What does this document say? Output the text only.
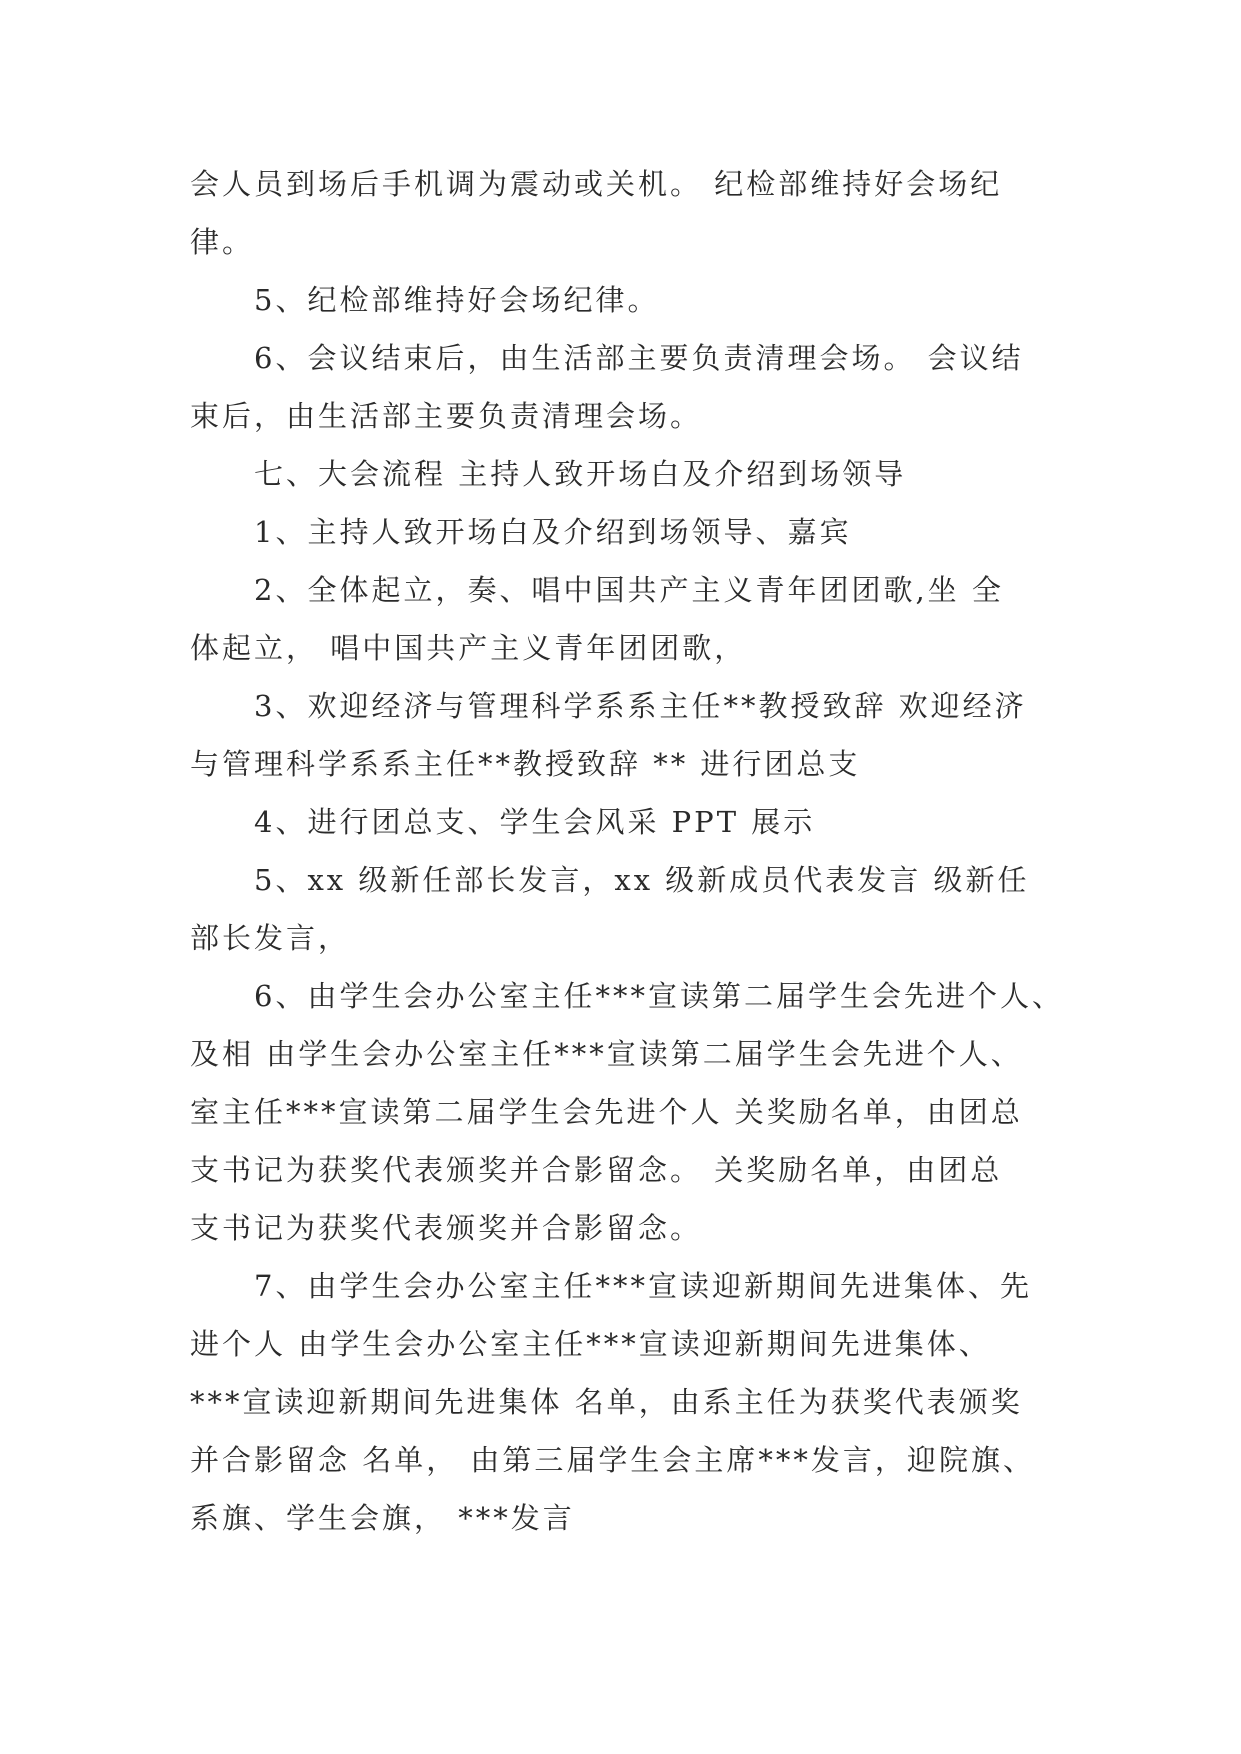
会人员到场后手机调为震动或关机。 纪检部维持好会场纪
律。
5、纪检部维持好会场纪律。
6、会议结束后，由生活部主要负责清理会场。 会议结
束后，由生活部主要负责清理会场。
七、大会流程 主持人致开场白及介绍到场领导
1、主持人致开场白及介绍到场领导、嘉宾
2、全体起立，奏、唱中国共产主义青年团团歌,坐 全
体起立， 唱中国共产主义青年团团歌，
3、欢迎经济与管理科学系系主任**教授致辞 欢迎经济
与管理科学系系主任**教授致辞 ** 进行团总支
4、进行团总支、学生会风采 PPT 展示
5、xx 级新任部长发言，xx 级新成员代表发言 级新任
部长发言，
6、由学生会办公室主任***宣读第二届学生会先进个人、
及相 由学生会办公室主任***宣读第二届学生会先进个人、
室主任***宣读第二届学生会先进个人 关奖励名单，由团总
支书记为获奖代表颁奖并合影留念。 关奖励名单，由团总
支书记为获奖代表颁奖并合影留念。
7、由学生会办公室主任***宣读迎新期间先进集体、先
进个人 由学生会办公室主任***宣读迎新期间先进集体、
***宣读迎新期间先进集体 名单，由系主任为获奖代表颁奖
并合影留念 名单， 由第三届学生会主席***发言，迎院旗、
系旗、学生会旗， ***发言
